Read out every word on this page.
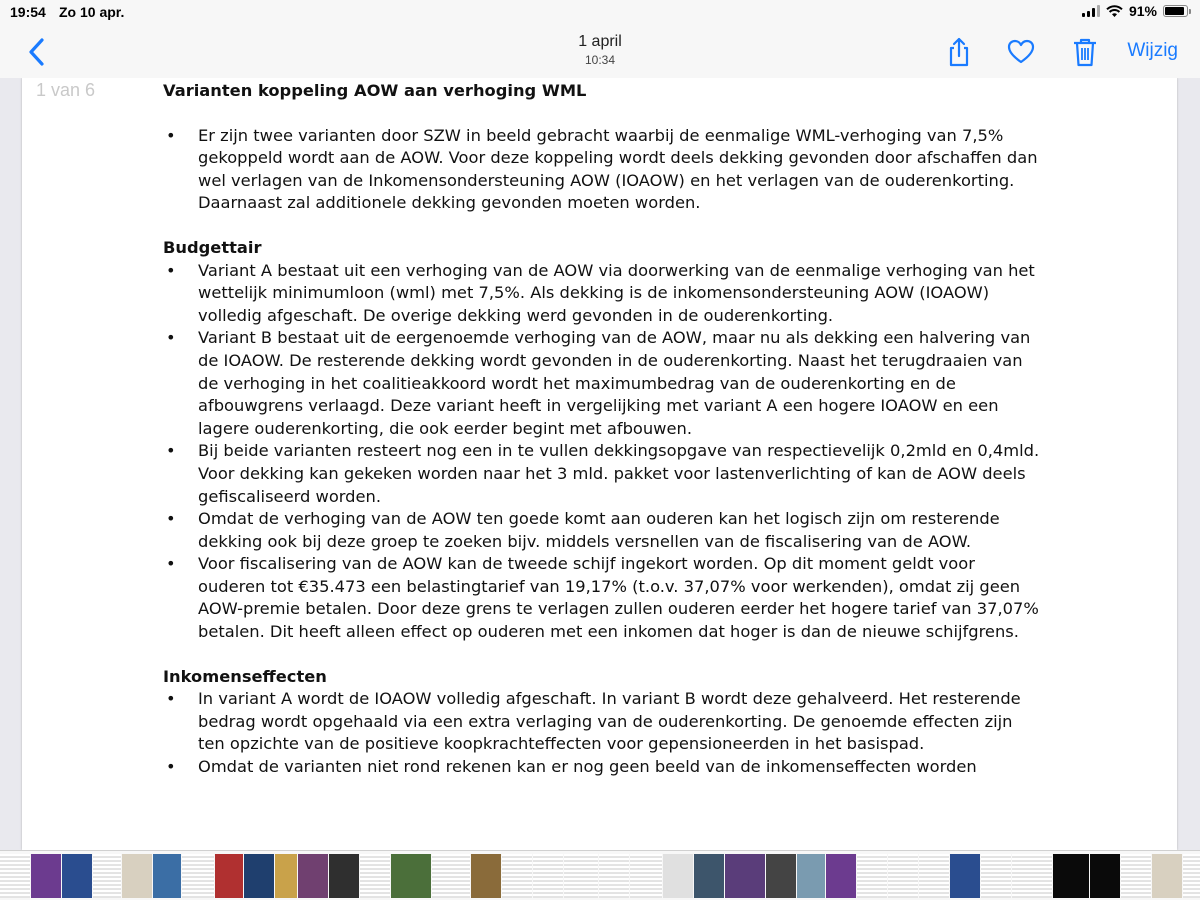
19:54 Zo 10 apr.	91%
1 april
10:34	Wijzig
1 van 6	Varianten koppeling AOW aan verhoging WML
• Er zijn twee varianten door SZW in beeld gebracht waarbij de eenmalige WML-verhoging van 7,5% gekoppeld wordt aan de AOW. Voor deze koppeling wordt deels dekking gevonden door afschaffen dan wel verlagen van de Inkomensondersteuning AOW (IOAOW) en het verlagen van de ouderenkorting. Daarnaast zal additionele dekking gevonden moeten worden.
Budgettair
• Variant A bestaat uit een verhoging van de AOW via doorwerking van de eenmalige verhoging van het wettelijk minimumloon (wml) met 7,5%. Als dekking is de inkomensondersteuning AOW (IOAOW) volledig afgeschaft. De overige dekking werd gevonden in de ouderenkorting.
• Variant B bestaat uit de eergenoemde verhoging van de AOW, maar nu als dekking een halvering van de IOAOW. De resterende dekking wordt gevonden in de ouderenkorting. Naast het terugdraaien van de verhoging in het coalitieakkoord wordt het maximumbedrag van de ouderenkorting en de afbouwgrens verlaagd. Deze variant heeft in vergelijking met variant A een hogere IOAOW en een lagere ouderenkorting, die ook eerder begint met afbouwen.
• Bij beide varianten resteert nog een in te vullen dekkingsopgave van respectievelijk 0,2mld en 0,4mld. Voor dekking kan gekeken worden naar het 3 mld. pakket voor lastenverlichting of kan de AOW deels gefiscaliseerd worden.
• Omdat de verhoging van de AOW ten goede komt aan ouderen kan het logisch zijn om resterende dekking ook bij deze groep te zoeken bijv. middels versnellen van de fiscalisering van de AOW.
• Voor fiscalisering van de AOW kan de tweede schijf ingekort worden. Op dit moment geldt voor ouderen tot €35.473 een belastingtarief van 19,17% (t.o.v. 37,07% voor werkenden), omdat zij geen AOW-premie betalen. Door deze grens te verlagen zullen ouderen eerder het hogere tarief van 37,07% betalen. Dit heeft alleen effect op ouderen met een inkomen dat hoger is dan de nieuwe schijfgrens.
Inkomenseffecten
• In variant A wordt de IOAOW volledig afgeschaft. In variant B wordt deze gehalveerd. Het resterende bedrag wordt opgehaald via een extra verlaging van de ouderenkorting. De genoemde effecten zijn ten opzichte van de positieve koopkrachteffecten voor gepensioneerden in het basispad.
• Omdat de varianten niet rond rekenen kan er nog geen beeld van de inkomenseffecten worden
